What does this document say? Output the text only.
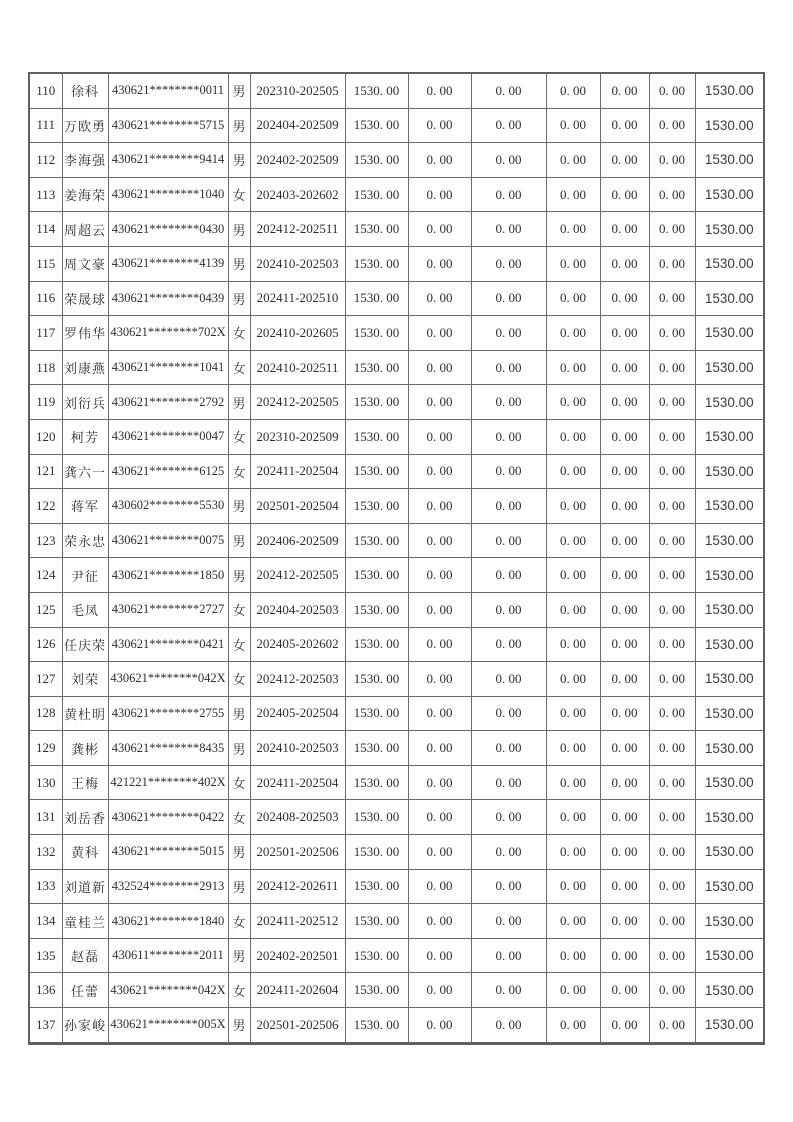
110	徐科	430621********0011	男	202310-202505	1530. 00	0. 00	0. 00	0. 00	0. 00	0. 00	1530.00
111	万欧勇	430621********5715	男	202404-202509	1530. 00	0. 00	0. 00	0. 00	0. 00	0. 00	1530.00
112	李海强	430621********9414	男	202402-202509	1530. 00	0. 00	0. 00	0. 00	0. 00	0. 00	1530.00
113	姜海荣	430621********1040	女	202403-202602	1530. 00	0. 00	0. 00	0. 00	0. 00	0. 00	1530.00
114	周超云	430621********0430	男	202412-202511	1530. 00	0. 00	0. 00	0. 00	0. 00	0. 00	1530.00
115	周文豪	430621********4139	男	202410-202503	1530. 00	0. 00	0. 00	0. 00	0. 00	0. 00	1530.00
116	荣晟球	430621********0439	男	202411-202510	1530. 00	0. 00	0. 00	0. 00	0. 00	0. 00	1530.00
117	罗伟华	430621********702X	女	202410-202605	1530. 00	0. 00	0. 00	0. 00	0. 00	0. 00	1530.00
118	刘康燕	430621********1041	女	202410-202511	1530. 00	0. 00	0. 00	0. 00	0. 00	0. 00	1530.00
119	刘衍兵	430621********2792	男	202412-202505	1530. 00	0. 00	0. 00	0. 00	0. 00	0. 00	1530.00
120	柯芳	430621********0047	女	202310-202509	1530. 00	0. 00	0. 00	0. 00	0. 00	0. 00	1530.00
121	龚六一	430621********6125	女	202411-202504	1530. 00	0. 00	0. 00	0. 00	0. 00	0. 00	1530.00
122	蒋军	430602********5530	男	202501-202504	1530. 00	0. 00	0. 00	0. 00	0. 00	0. 00	1530.00
123	荣永忠	430621********0075	男	202406-202509	1530. 00	0. 00	0. 00	0. 00	0. 00	0. 00	1530.00
124	尹征	430621********1850	男	202412-202505	1530. 00	0. 00	0. 00	0. 00	0. 00	0. 00	1530.00
125	毛凤	430621********2727	女	202404-202503	1530. 00	0. 00	0. 00	0. 00	0. 00	0. 00	1530.00
126	任庆荣	430621********0421	女	202405-202602	1530. 00	0. 00	0. 00	0. 00	0. 00	0. 00	1530.00
127	刘荣	430621********042X	女	202412-202503	1530. 00	0. 00	0. 00	0. 00	0. 00	0. 00	1530.00
128	黄杜明	430621********2755	男	202405-202504	1530. 00	0. 00	0. 00	0. 00	0. 00	0. 00	1530.00
129	龚彬	430621********8435	男	202410-202503	1530. 00	0. 00	0. 00	0. 00	0. 00	0. 00	1530.00
130	王梅	421221********402X	女	202411-202504	1530. 00	0. 00	0. 00	0. 00	0. 00	0. 00	1530.00
131	刘岳香	430621********0422	女	202408-202503	1530. 00	0. 00	0. 00	0. 00	0. 00	0. 00	1530.00
132	黄科	430621********5015	男	202501-202506	1530. 00	0. 00	0. 00	0. 00	0. 00	0. 00	1530.00
133	刘道新	432524********2913	男	202412-202611	1530. 00	0. 00	0. 00	0. 00	0. 00	0. 00	1530.00
134	童桂兰	430621********1840	女	202411-202512	1530. 00	0. 00	0. 00	0. 00	0. 00	0. 00	1530.00
135	赵磊	430611********2011	男	202402-202501	1530. 00	0. 00	0. 00	0. 00	0. 00	0. 00	1530.00
136	任蕾	430621********042X	女	202411-202604	1530. 00	0. 00	0. 00	0. 00	0. 00	0. 00	1530.00
137	孙家峻	430621********005X	男	202501-202506	1530. 00	0. 00	0. 00	0. 00	0. 00	0. 00	1530.00
